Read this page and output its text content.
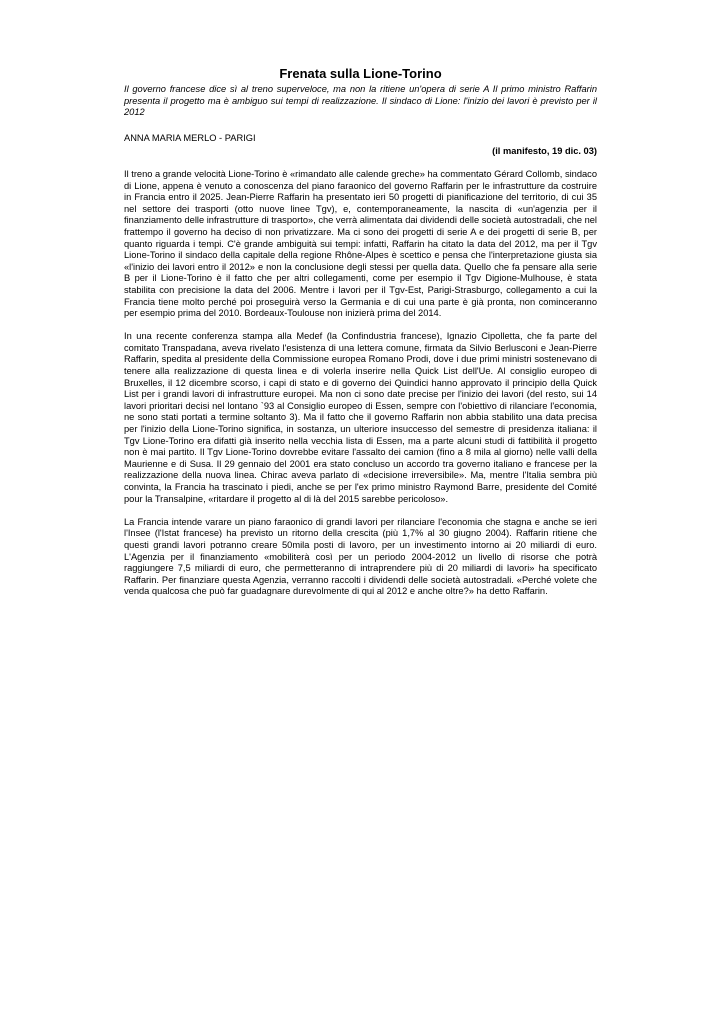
Frenata sulla Lione-Torino

Il governo francese dice sì al treno superveloce, ma non la ritiene un'opera di serie A Il primo ministro Raffarin presenta il progetto ma è ambiguo sui tempi di realizzazione. Il sindaco di Lione: l'inizio dei lavori è previsto per il 2012

ANNA MARIA MERLO - PARIGI

(il manifesto, 19 dic. 03)

Il treno a grande velocità Lione-Torino è «rimandato alle calende greche» ha commentato Gérard Collomb, sindaco di Lione, appena è venuto a conoscenza del piano faraonico del governo Raffarin per le infrastrutture da costruire in Francia entro il 2025. Jean-Pierre Raffarin ha presentato ieri 50 progetti di pianificazione del territorio, di cui 35 nel settore dei trasporti (otto nuove linee Tgv), e, contemporaneamente, la nascita di «un'agenzia per il finanziamento delle infrastrutture di trasporto», che verrà alimentata dai dividendi delle società autostradali, che nel frattempo il governo ha deciso di non privatizzare. Ma ci sono dei progetti di serie A e dei progetti di serie B, per quanto riguarda i tempi. C'è grande ambiguità sui tempi: infatti, Raffarin ha citato la data del 2012, ma per il Tgv Lione-Torino il sindaco della capitale della regione Rhône-Alpes è scettico e pensa che l'interpretazione giusta sia «l'inizio dei lavori entro il 2012» e non la conclusione degli stessi per quella data. Quello che fa pensare alla serie B per il Lione-Torino è il fatto che per altri collegamenti, come per esempio il Tgv Digione-Mulhouse, è stata stabilita con precisione la data del 2006. Mentre i lavori per il Tgv-Est, Parigi-Strasburgo, collegamento a cui la Francia tiene molto perché poi proseguirà verso la Germania e di cui una parte è già pronta, non cominceranno per esempio prima del 2010. Bordeaux-Toulouse non inizierà prima del 2014.

In una recente conferenza stampa alla Medef (la Confindustria francese), Ignazio Cipolletta, che fa parte del comitato Transpadana, aveva rivelato l'esistenza di una lettera comune, firmata da Silvio Berlusconi e Jean-Pierre Raffarin, spedita al presidente della Commissione europea Romano Prodi, dove i due primi ministri sostenevano di tenere alla realizzazione di questa linea e di volerla inserire nella Quick List dell'Ue. Al consiglio europeo di Bruxelles, il 12 dicembre scorso, i capi di stato e di governo dei Quindici hanno approvato il principio della Quick List per i grandi lavori di infrastrutture europei. Ma non ci sono date precise per l'inizio dei lavori (del resto, sui 14 lavori prioritari decisi nel lontano `93 al Consiglio europeo di Essen, sempre con l'obiettivo di rilanciare l'economia, ne sono stati portati a termine soltanto 3). Ma il fatto che il governo Raffarin non abbia stabilito una data precisa per l'inizio della Lione-Torino significa, in sostanza, un ulteriore insuccesso del semestre di presidenza italiana: il Tgv Lione-Torino era difatti già inserito nella vecchia lista di Essen, ma a parte alcuni studi di fattibilità il progetto non è mai partito. Il Tgv Lione-Torino dovrebbe evitare l'assalto dei camion (fino a 8 mila al giorno) nelle valli della Maurienne e di Susa. Il 29 gennaio del 2001 era stato concluso un accordo tra governo italiano e francese per la realizzazione della nuova linea. Chirac aveva parlato di «decisione irreversibile». Ma, mentre l'Italia sembra più convinta, la Francia ha trascinato i piedi, anche se per l'ex primo ministro Raymond Barre, presidente del Comité pour la Transalpine, «ritardare il progetto al di là del 2015 sarebbe pericoloso».

La Francia intende varare un piano faraonico di grandi lavori per rilanciare l'economia che stagna e anche se ieri l'Insee (l'Istat francese) ha previsto un ritorno della crescita (più 1,7% al 30 giugno 2004). Raffarin ritiene che questi grandi lavori potranno creare 50mila posti di lavoro, per un investimento intorno ai 20 miliardi di euro. L'Agenzia per il finanziamento «mobiliterà così per un periodo 2004-2012 un livello di risorse che potrà raggiungere 7,5 miliardi di euro, che permetteranno di intraprendere più di 20 miliardi di lavori» ha specificato Raffarin. Per finanziare questa Agenzia, verranno raccolti i dividendi delle società autostradali. «Perché volete che venda qualcosa che può far guadagnare durevolmente di qui al 2012 e anche oltre?» ha detto Raffarin.
